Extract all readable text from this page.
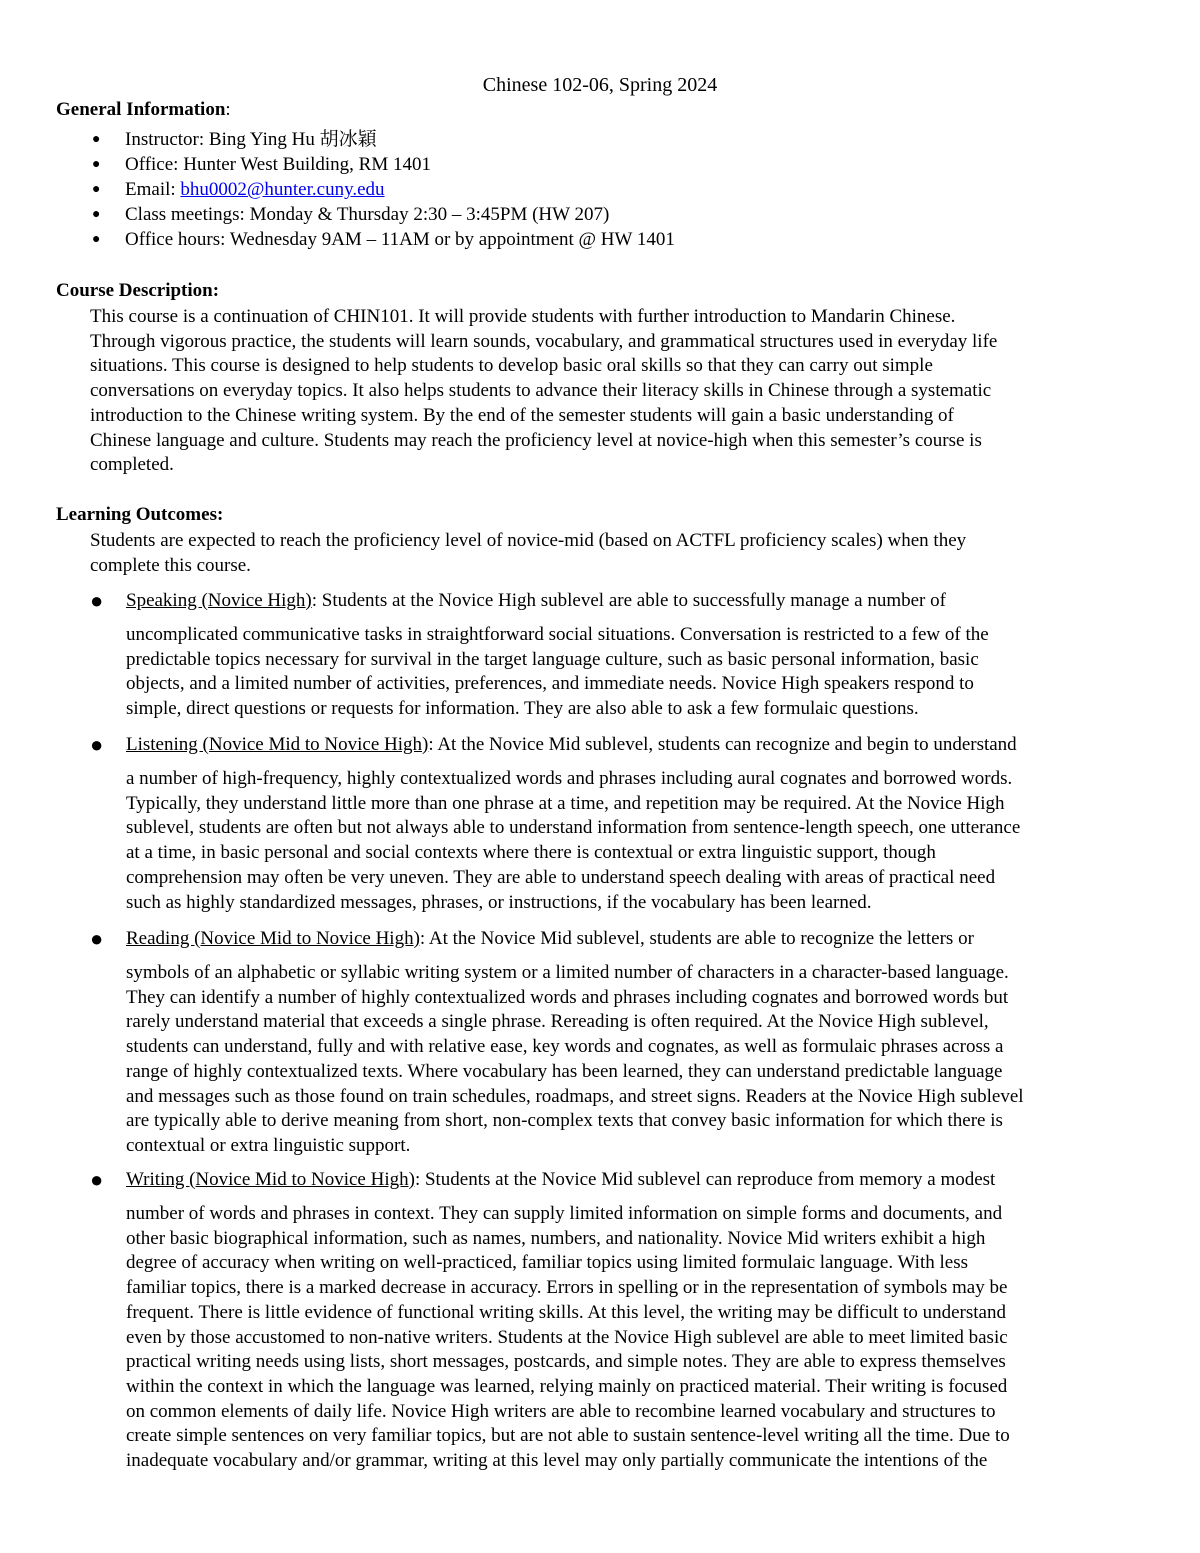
Chinese 102-06, Spring 2024
General Information:
● Instructor: Bing Ying Hu 胡冰穎
● Office: Hunter West Building, RM 1401
● Email: bhu0002@hunter.cuny.edu
● Class meetings: Monday & Thursday 2:30 – 3:45PM (HW 207)
● Office hours: Wednesday 9AM – 11AM or by appointment @ HW 1401
Course Description:
This course is a continuation of CHIN101. It will provide students with further introduction to Mandarin Chinese.
Through vigorous practice, the students will learn sounds, vocabulary, and grammatical structures used in everyday life
situations. This course is designed to help students to develop basic oral skills so that they can carry out simple
conversations on everyday topics. It also helps students to advance their literacy skills in Chinese through a systematic
introduction to the Chinese writing system. By the end of the semester students will gain a basic understanding of
Chinese language and culture. Students may reach the proficiency level at novice-high when this semester’s course is
completed.
Learning Outcomes:
Students are expected to reach the proficiency level of novice-mid (based on ACTFL proficiency scales) when they
complete this course.
● Speaking (Novice High): Students at the Novice High sublevel are able to successfully manage a number of
uncomplicated communicative tasks in straightforward social situations. Conversation is restricted to a few of the
predictable topics necessary for survival in the target language culture, such as basic personal information, basic
objects, and a limited number of activities, preferences, and immediate needs. Novice High speakers respond to
simple, direct questions or requests for information. They are also able to ask a few formulaic questions.
● Listening (Novice Mid to Novice High): At the Novice Mid sublevel, students can recognize and begin to understand
a number of high-frequency, highly contextualized words and phrases including aural cognates and borrowed words.
Typically, they understand little more than one phrase at a time, and repetition may be required. At the Novice High
sublevel, students are often but not always able to understand information from sentence-length speech, one utterance
at a time, in basic personal and social contexts where there is contextual or extra linguistic support, though
comprehension may often be very uneven. They are able to understand speech dealing with areas of practical need
such as highly standardized messages, phrases, or instructions, if the vocabulary has been learned.
● Reading (Novice Mid to Novice High): At the Novice Mid sublevel, students are able to recognize the letters or
symbols of an alphabetic or syllabic writing system or a limited number of characters in a character-based language.
They can identify a number of highly contextualized words and phrases including cognates and borrowed words but
rarely understand material that exceeds a single phrase. Rereading is often required. At the Novice High sublevel,
students can understand, fully and with relative ease, key words and cognates, as well as formulaic phrases across a
range of highly contextualized texts. Where vocabulary has been learned, they can understand predictable language
and messages such as those found on train schedules, roadmaps, and street signs. Readers at the Novice High sublevel
are typically able to derive meaning from short, non-complex texts that convey basic information for which there is
contextual or extra linguistic support.
● Writing (Novice Mid to Novice High): Students at the Novice Mid sublevel can reproduce from memory a modest
number of words and phrases in context. They can supply limited information on simple forms and documents, and
other basic biographical information, such as names, numbers, and nationality. Novice Mid writers exhibit a high
degree of accuracy when writing on well-practiced, familiar topics using limited formulaic language. With less
familiar topics, there is a marked decrease in accuracy. Errors in spelling or in the representation of symbols may be
frequent. There is little evidence of functional writing skills. At this level, the writing may be difficult to understand
even by those accustomed to non-native writers. Students at the Novice High sublevel are able to meet limited basic
practical writing needs using lists, short messages, postcards, and simple notes. They are able to express themselves
within the context in which the language was learned, relying mainly on practiced material. Their writing is focused
on common elements of daily life. Novice High writers are able to recombine learned vocabulary and structures to
create simple sentences on very familiar topics, but are not able to sustain sentence-level writing all the time. Due to
inadequate vocabulary and/or grammar, writing at this level may only partially communicate the intentions of the
